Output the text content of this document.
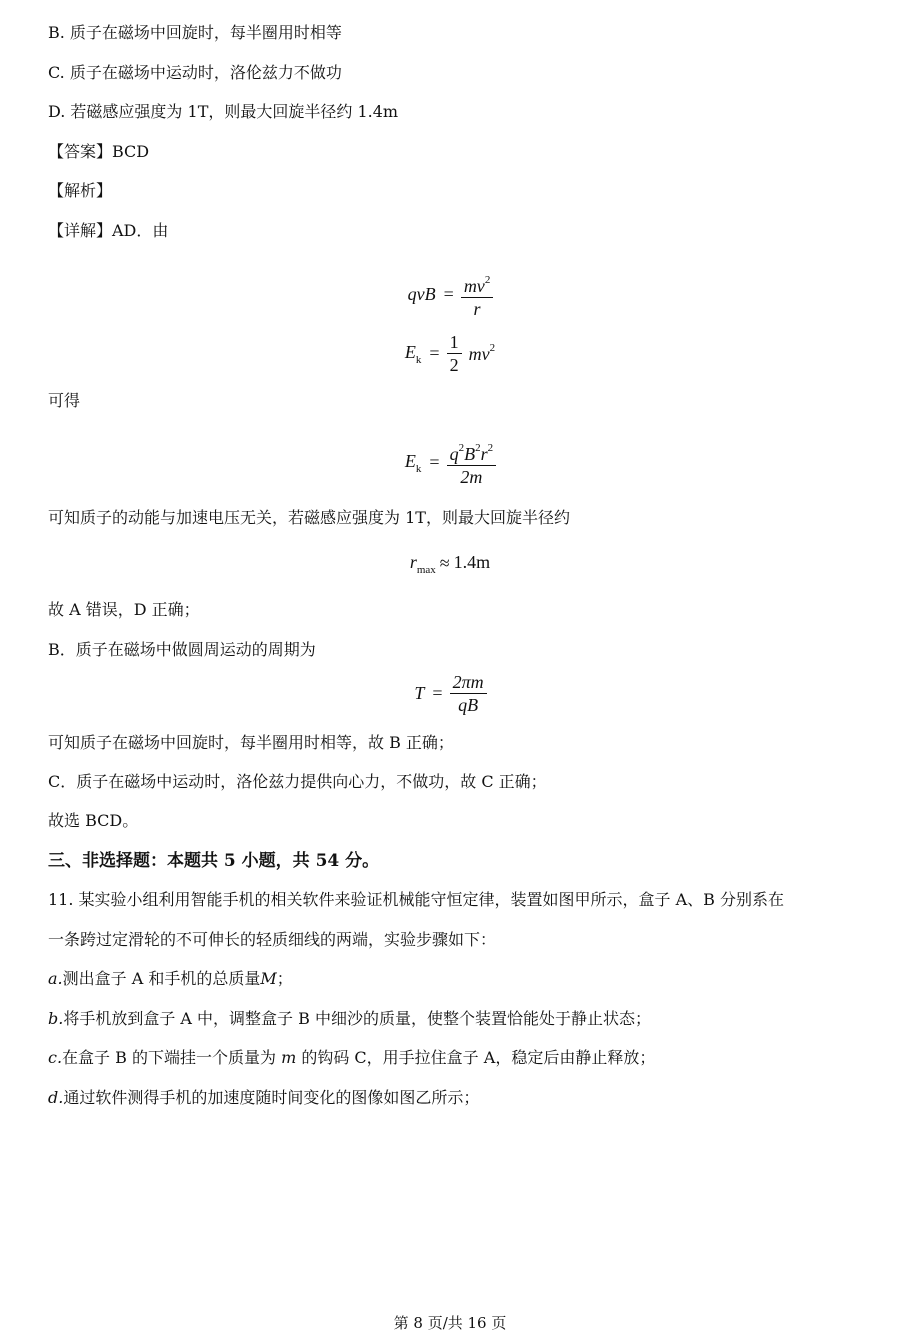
B. 质子在磁场中回旋时，每半圈用时相等
C. 质子在磁场中运动时，洛伦兹力不做功
D. 若磁感应强度为 1T，则最大回旋半径约 1.4m
【答案】BCD
【解析】
【详解】AD．由
qvB = $\frac{mv^2}{r}$
$E_k = \frac{1}{2} mv^2$
可得
$E_k = \frac{q^2B^2r^2}{2m}$
可知质子的动能与加速电压无关，若磁感应强度为 1T，则最大回旋半径约
$r_{max} \approx 1.4m$
故 A 错误，D 正确；
B．质子在磁场中做圆周运动的周期为
$T = \frac{2\pi m}{qB}$
可知质子在磁场中回旋时，每半圈用时相等，故 B 正确；
C．质子在磁场中运动时，洛伦兹力提供向心力，不做功，故 C 正确；
故选 BCD。
三、非选择题：本题共 5 小题，共 54 分。
11. 某实验小组利用智能手机的相关软件来验证机械能守恒定律，装置如图甲所示，盒子 A、B 分别系在
一条跨过定滑轮的不可伸长的轻质细线的两端，实验步骤如下：
a.测出盒子 A 和手机的总质量M；
b.将手机放到盒子 A 中，调整盒子 B 中细沙的质量，使整个装置恰能处于静止状态；
c.在盒子 B 的下端挂一个质量为 m 的钩码 C，用手拉住盒子 A，稳定后由静止释放；
d.通过软件测得手机的加速度随时间变化的图像如图乙所示；
第 8 页/共 16 页
